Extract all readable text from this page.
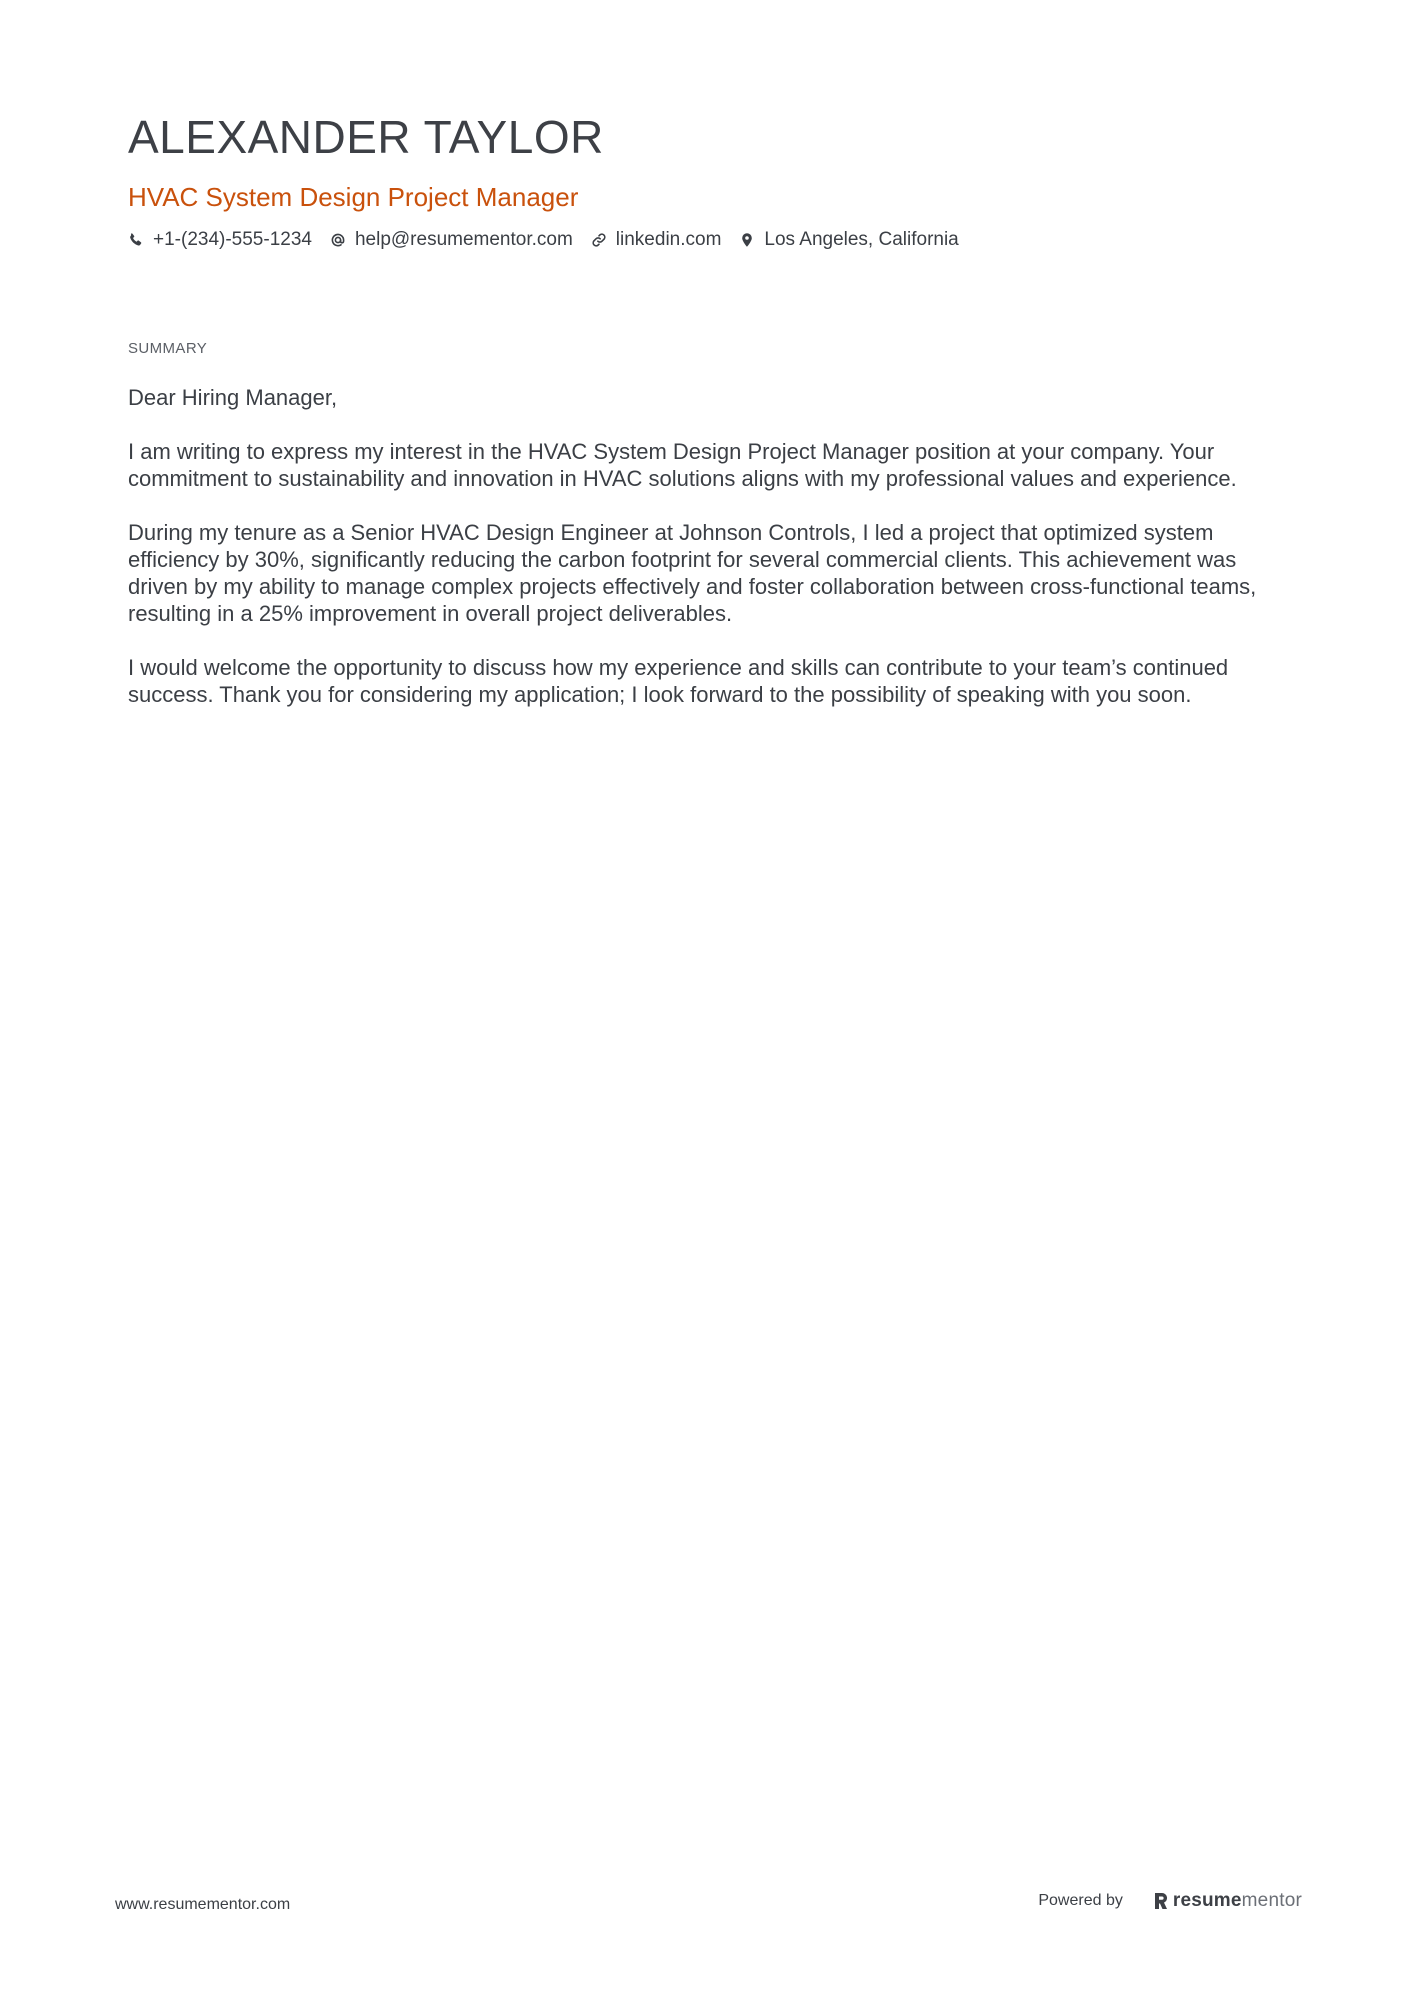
ALEXANDER TAYLOR
HVAC System Design Project Manager
+1-(234)-555-1234 help@resumementor.com linkedin.com Los Angeles, California
SUMMARY

Dear Hiring Manager,

I am writing to express my interest in the HVAC System Design Project Manager position at your company. Your commitment to sustainability and innovation in HVAC solutions aligns with my professional values and experience.

During my tenure as a Senior HVAC Design Engineer at Johnson Controls, I led a project that optimized system efficiency by 30%, significantly reducing the carbon footprint for several commercial clients. This achievement was driven by my ability to manage complex projects effectively and foster collaboration between cross-functional teams, resulting in a 25% improvement in overall project deliverables.

I would welcome the opportunity to discuss how my experience and skills can contribute to your team’s continued success. Thank you for considering my application; I look forward to the possibility of speaking with you soon.

www.resumementor.com	Powered by	resume mentor
